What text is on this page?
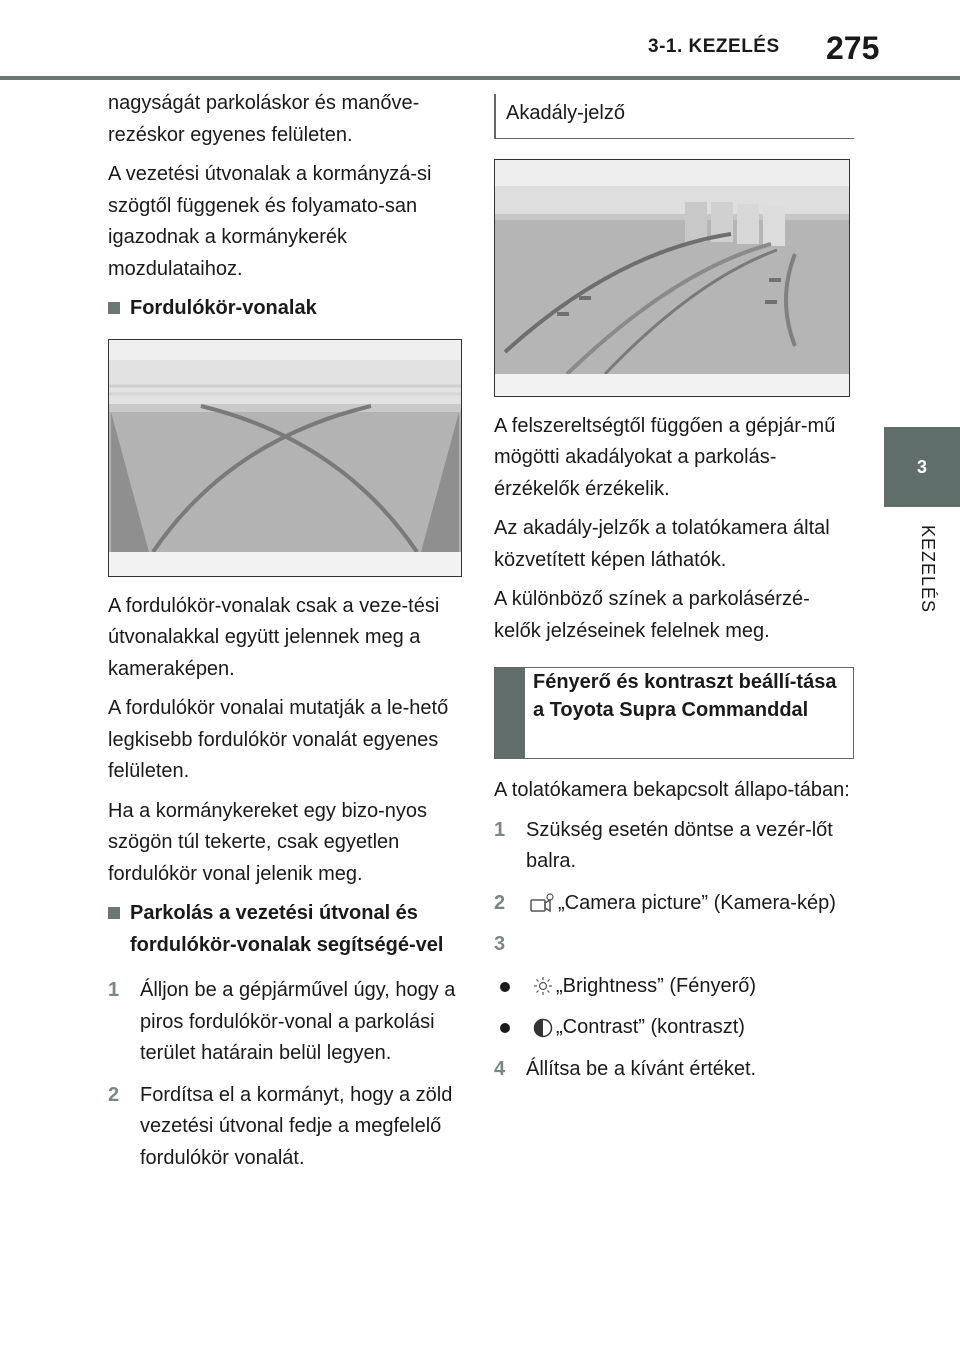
3-1. KEZELÉS 275
3
KEZELÉS

nagyságát parkoláskor és manőve-rezéskor egyenes felületen.

A vezetési útvonalak a kormányzá-si szögtől függenek és folyamato-san igazodnak a kormánykerék mozdulataihoz.

Fordulókör-vonalak

A fordulókör-vonalak csak a veze-tési útvonalakkal együtt jelennek meg a kameraképen.

A fordulókör vonalai mutatják a le-hető legkisebb fordulókör vonalát egyenes felületen.

Ha a kormánykereket egy bizo-nyos szögön túl tekerte, csak egyetlen fordulókör vonal jelenik meg.

Parkolás a vezetési útvonal és fordulókör-vonalak segítségé-vel
1	Álljon be a gépjárművel úgy, hogy a piros fordulókör-vonal a parkolási terület határain belül legyen.
2	Fordítsa el a kormányt, hogy a zöld vezetési útvonal fedje a megfelelő fordulókör vonalát.
Akadály-jelző

A felszereltségtől függően a gépjár-mű mögötti akadályokat a parkolás-érzékelők érzékelik.

Az akadály-jelzők a tolatókamera által közvetített képen láthatók.

A különböző színek a parkolásérzé-kelők jelzéseinek felelnek meg.

Fényerő és kontraszt beállí-tása a Toyota Supra Commanddal

A tolatókamera bekapcsolt állapo-tában:

1	Szükség esetén döntse a vezér-lőt balra.
2	„Camera picture” (Kamera-kép)
3
„Brightness” (Fényerő)
„Contrast” (kontraszt)
4	Állítsa be a kívánt értéket.
